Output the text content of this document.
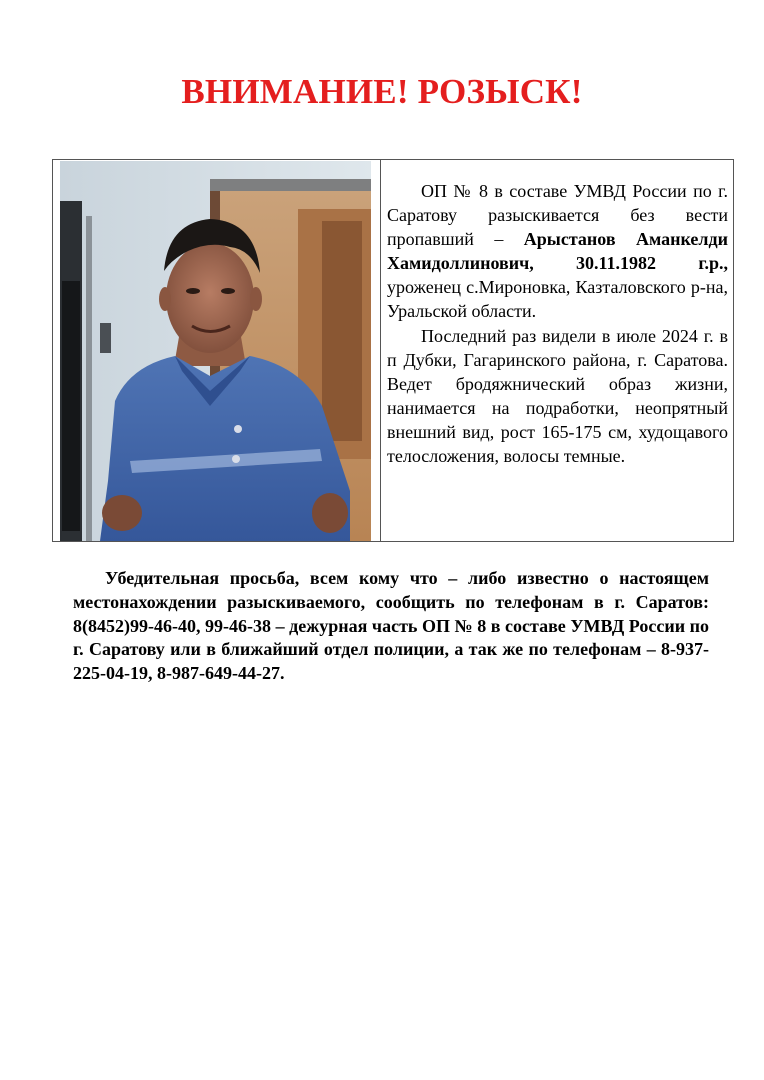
ВНИМАНИЕ! РОЗЫСК!

ОП № 8 в составе УМВД России по г. Саратову разыскивается без вести пропавший – Арыстанов Аманкелди Хамидоллинович, 30.11.1982 г.р., уроженец с.Мироновка, Казталовского р-на, Уральской области.

Последний раз видели в июле 2024 г. в п Дубки, Гагаринского района, г. Саратова. Ведет бродяжнический образ жизни, нанимается на подработки, неопрятный внешний вид, рост 165-175 см, худощавого телосложения, волосы темные.

Убедительная просьба, всем кому что – либо известно о настоящем местонахождении разыскиваемого, сообщить по телефонам в г. Саратов: 8(8452)99-46-40, 99-46-38 – дежурная часть ОП № 8 в составе УМВД России по г. Саратову или в ближайший отдел полиции, а так же по телефонам – 8-937-225-04-19, 8-987-649-44-27.
